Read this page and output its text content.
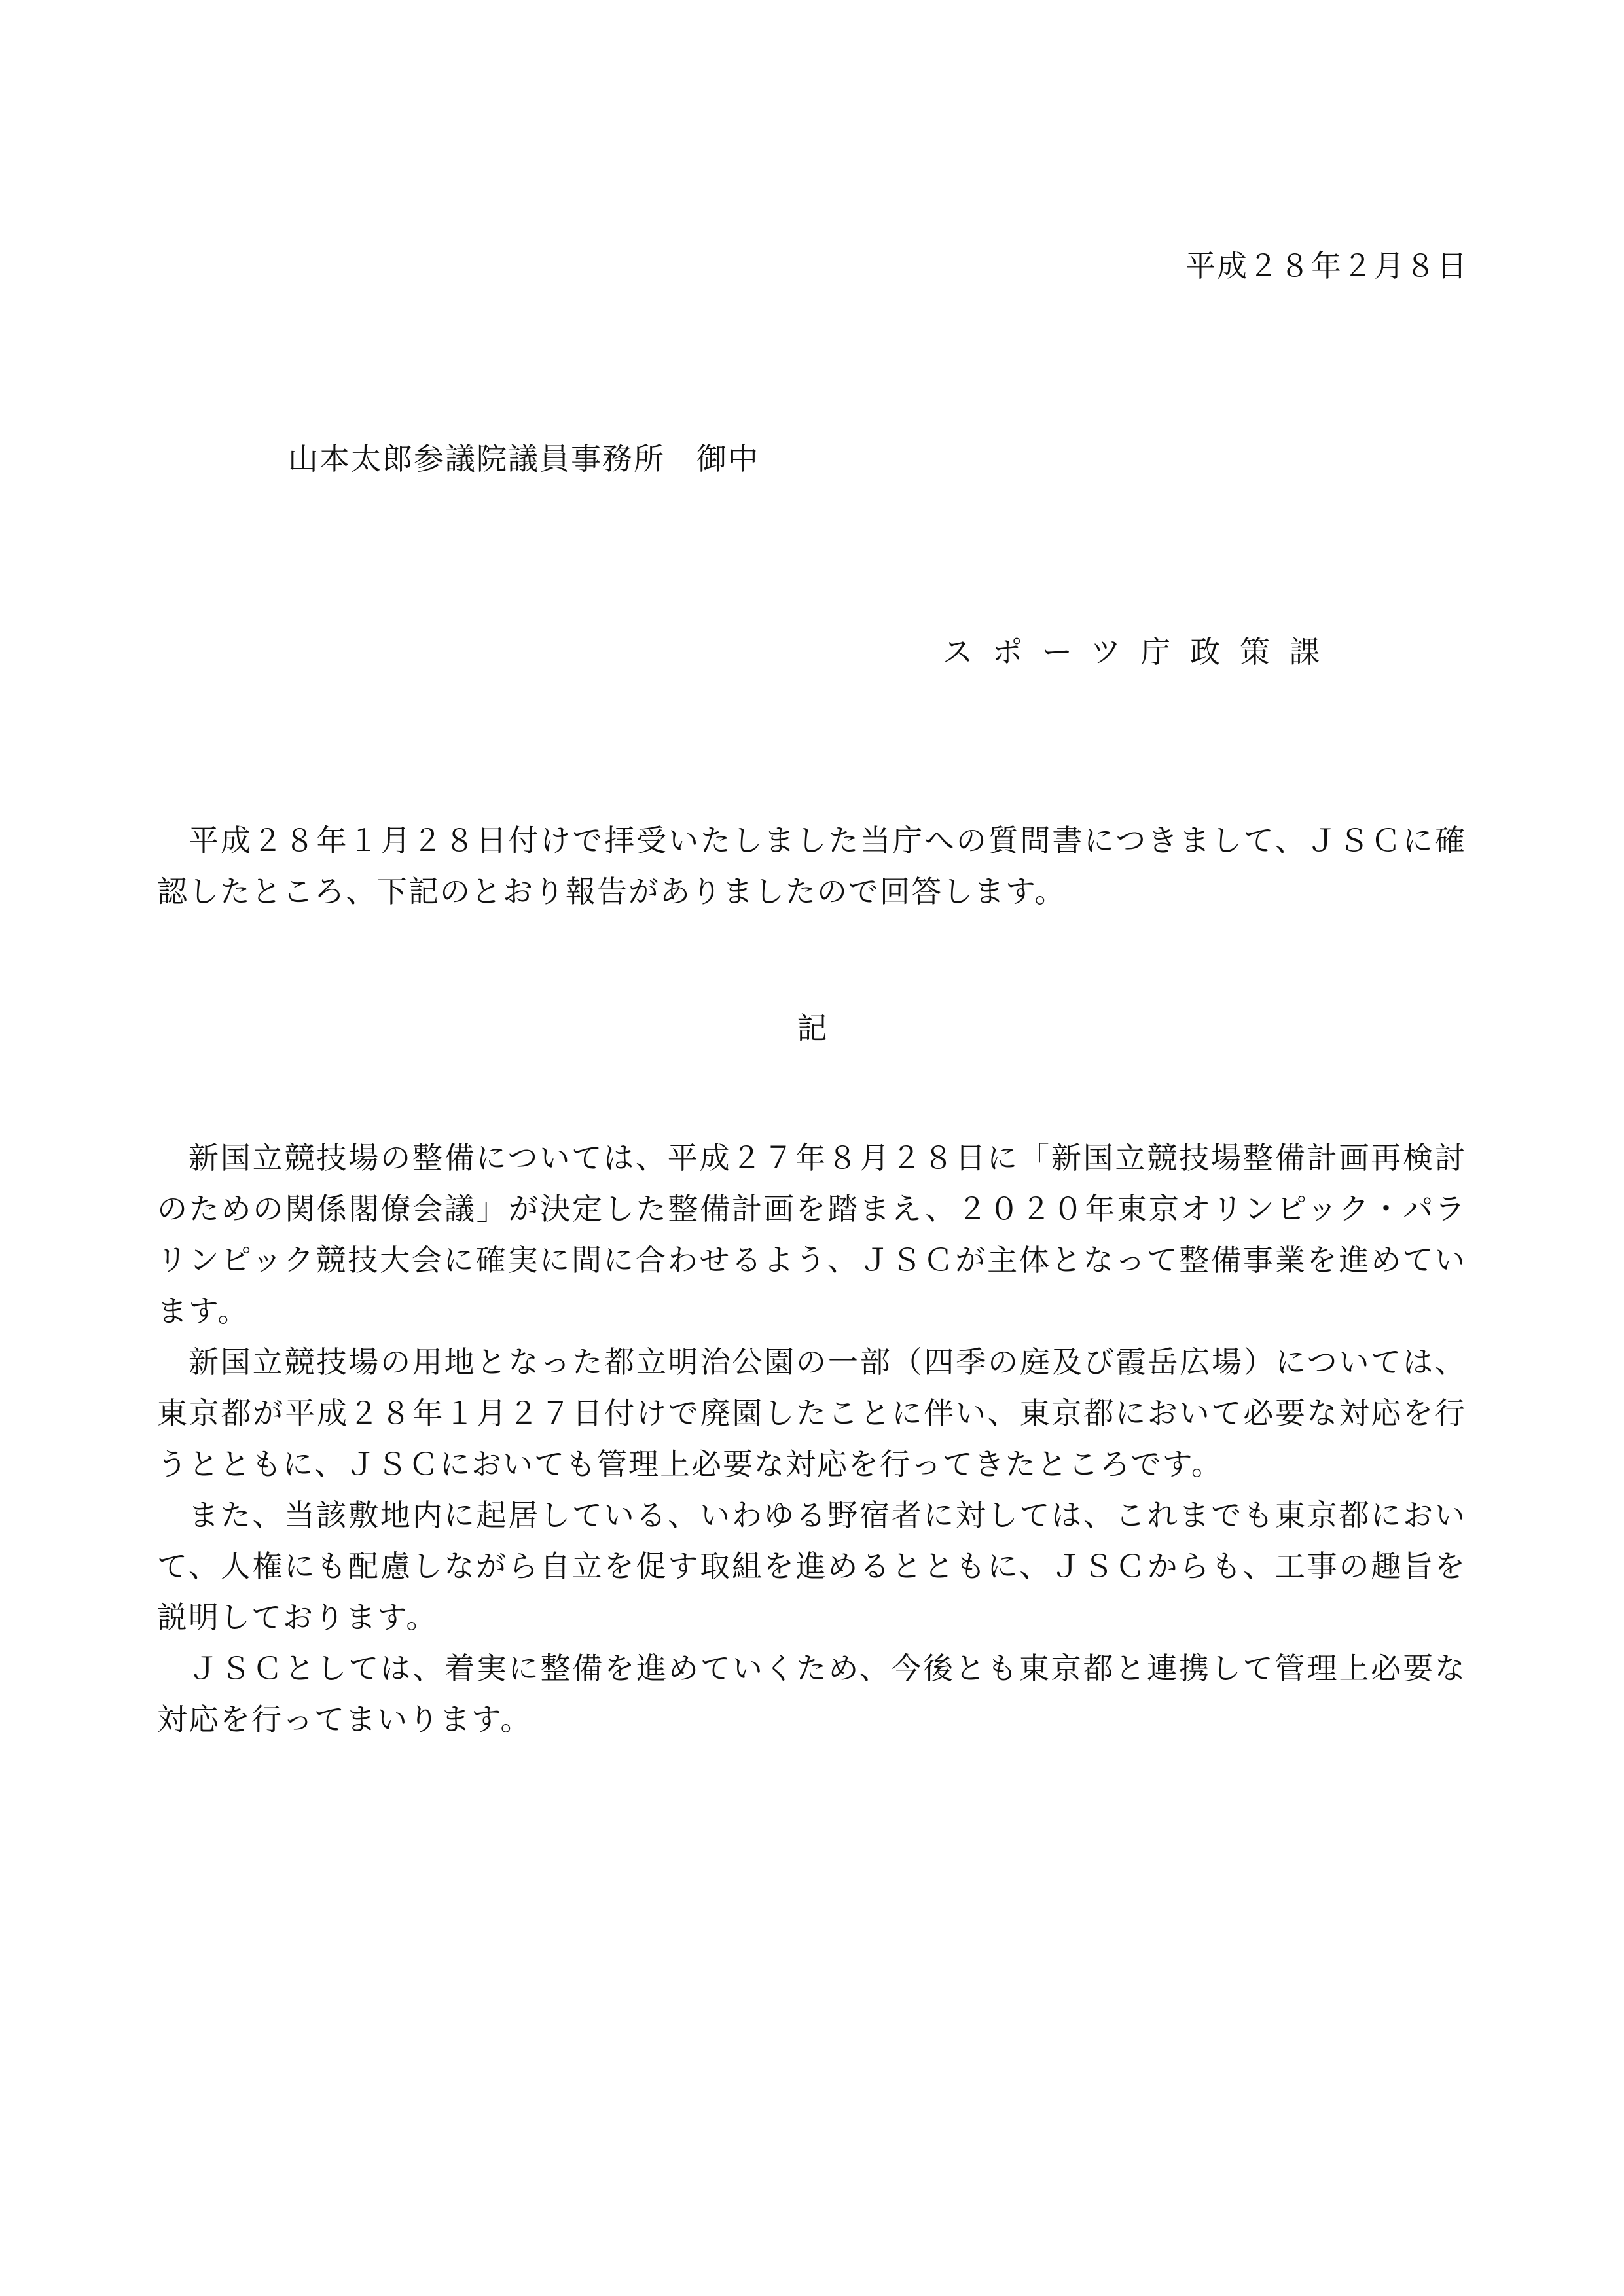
平成２８年２月８日
山本太郎参議院議員事務所　御中
スポーツ庁政策課

平成２８年１月２８日付けで拝受いたしました当庁への質問書につきまして、ＪＳＣに確認したところ、下記のとおり報告がありましたので回答します。

記

新国立競技場の整備については、平成２７年８月２８日に「新国立競技場整備計画再検討のための関係閣僚会議」が決定した整備計画を踏まえ、２０２０年東京オリンピック・パラリンピック競技大会に確実に間に合わせるよう、ＪＳＣが主体となって整備事業を進めています。

新国立競技場の用地となった都立明治公園の一部（四季の庭及び霞岳広場）については、東京都が平成２８年１月２７日付けで廃園したことに伴い、東京都において必要な対応を行うとともに、ＪＳＣにおいても管理上必要な対応を行ってきたところです。

また、当該敷地内に起居している、いわゆる野宿者に対しては、これまでも東京都において、人権にも配慮しながら自立を促す取組を進めるとともに、ＪＳＣからも、工事の趣旨を説明しております。

ＪＳＣとしては、着実に整備を進めていくため、今後とも東京都と連携して管理上必要な対応を行ってまいります。
